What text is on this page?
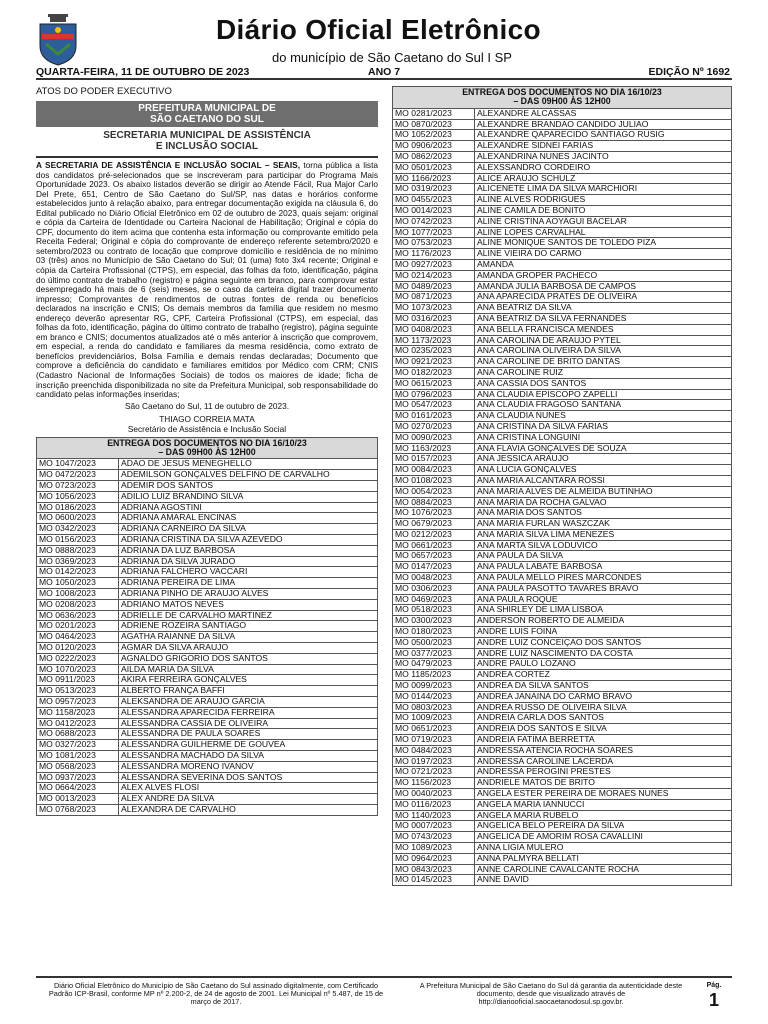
Diário Oficial Eletrônico
do município de São Caetano do Sul I SP
QUARTA-FEIRA, 11 DE OUTUBRO DE 2023	ANO 7	EDIÇÃO Nº 1692
ATOS DO PODER EXECUTIVO
PREFEITURA MUNICIPAL DE
SÃO CAETANO DO SUL
SECRETARIA MUNICIPAL DE ASSISTÊNCIA
E INCLUSÃO SOCIAL
A SECRETARIA DE ASSISTÊNCIA E INCLUSÃO SOCIAL – SEAIS, torna pública a lista dos candidatos pré-selecionados que se inscreveram para participar do Programa Mais Oportunidade 2023. Os abaixo listados deverão se dirigir ao Atende Fácil, Rua Major Carlo Del Prete, 651, Centro de São Caetano do Sul/SP, nas datas e horários conforme estabelecidos junto à relação abaixo, para entregar documentação exigida na cláusula 6, do Edital publicado no Diário Oficial Eletrônico em 02 de outubro de 2023, quais sejam: original e cópia da Carteira de Identidade ou Carteira Nacional de Habilitação; Original e cópia do CPF, documento do item acima que contenha esta informação ou comprovante emitido pela Receita Federal; Original e cópia do comprovante de endereço referente setembro/2020 e setembro/2023 ou contrato de locação que comprove domicílio e residência de no mínimo 03 (três) anos no Município de São Caetano do Sul; 01 (uma) foto 3x4 recente; Original e cópia da Carteira Profissional (CTPS), em especial, das folhas da foto, identificação, página do último contrato de trabalho (registro) e página seguinte em branco, para comprovar estar desempregado há mais de 6 (seis) meses, se o caso da carteira digital trazer documento impresso; Comprovantes de rendimentos de outras fontes de renda ou benefícios declarados na inscrição e CNIS; Os demais membros da família que residem no mesmo endereço deverão apresentar RG, CPF, Carteira Profissional (CTPS), em especial, das folhas da foto, identificação, página do último contrato de trabalho (registro), página seguinte em branco e CNIS; documentos atualizados até o mês anterior à inscrição que comprovem, em especial, a renda do candidato e familiares da mesma residência, como extrato de benefícios previdenciários, Bolsa Família e demais rendas declaradas; Documento que comprove a deficiência do candidato e familiares emitidos por Médico com CRM; CNIS (Cadastro Nacional de Informações Sociais) de todos os maiores de idade; ficha de inscrição preenchida disponibilizada no site da Prefeitura Municipal, sob responsabilidade do candidato pelas informações inseridas;
São Caetano do Sul, 11 de outubro de 2023.
THIAGO CORREIA MATA
Secretário de Assistência e Inclusão Social
ENTREGA DOS DOCUMENTOS NO DIA 16/10/23
– DAS 09H00 ÀS 12H00	

MO 1047/2023	ADAO DE JESUS MENEGHELLO
MO 0472/2023	ADEMILSON GONÇALVES DELFINO DE CARVALHO
MO 0723/2023	ADEMIR DOS SANTOS
MO 1056/2023	ADILIO LUIZ BRANDINO SILVA
MO 0186/2023	ADRIANA AGOSTINI
MO 0600/2023	ADRIANA AMARAL ENCINAS
MO 0342/2023	ADRIANA CARNEIRO DA SILVA
MO 0156/2023	ADRIANA CRISTINA DA SILVA AZEVEDO
MO 0888/2023	ADRIANA DA LUZ BARBOSA
MO 0369/2023	ADRIANA DA SILVA JURADO
MO 0142/2023	ADRIANA FALCHERO VACCARI
MO 1050/2023	ADRIANA PEREIRA DE LIMA
MO 1008/2023	ADRIANA PINHO DE ARAUJO ALVES
MO 0208/2023	ADRIANO MATOS NEVES
MO 0636/2023	ADRIELLE DE CARVALHO MARTINEZ
MO 0201/2023	ADRIENE ROZEIRA SANTIAGO
MO 0464/2023	AGATHA RAIANNE DA SILVA
MO 0120/2023	AGMAR DA SILVA ARAUJO
MO 0222/2023	AGNALDO GRIGORIO DOS SANTOS
MO 1070/2023	AILDA MARIA DA SILVA
MO 0911/2023	AKIRA FERREIRA GONÇALVES
MO 0513/2023	ALBERTO FRANÇA BAFFI
MO 0957/2023	ALEKSANDRA DE ARAUJO GARCIA
MO 1158/2023	ALESSANDRA APARECIDA FERREIRA
MO 0412/2023	ALESSANDRA CASSIA DE OLIVEIRA
MO 0688/2023	ALESSANDRA DE PAULA SOARES
MO 0327/2023	ALESSANDRA GUILHERME DE GOUVEA
MO 1081/2023	ALESSANDRA MACHADO DA SILVA
MO 0568/2023	ALESSANDRA MORENO IVANOV
MO 0937/2023	ALESSANDRA SEVERINA DOS SANTOS
MO 0664/2023	ALEX ALVES FLOSI
MO 0013/2023	ALEX ANDRE DA SILVA
MO 0768/2023	ALEXANDRA DE CARVALHO
ENTREGA DOS DOCUMENTOS NO DIA 16/10/23
– DAS 09H00 ÀS 12H00	

MO 0281/2023	ALEXANDRE ALCASSAS
MO 0870/2023	ALEXANDRE BRANDAO CANDIDO JULIAO
MO 1052/2023	ALEXANDRE QAPARECIDO SANTIAGO RUSIG
MO 0906/2023	ALEXANDRE SIDNEI FARIAS
MO 0862/2023	ALEXANDRINA NUNES JACINTO
MO 0501/2023	ALEXSSANDRO CORDEIRO
MO 1166/2023	ALICE ARAUJO SCHULZ
MO 0319/2023	ALICENETE LIMA DA SILVA MARCHIORI
MO 0455/2023	ALINE ALVES RODRIGUES
MO 0014/2023	ALINE CAMILA DE BONITO
MO 0742/2023	ALINE CRISTINA AOYAGUI BACELAR
MO 1077/2023	ALINE LOPES CARVALHAL
MO 0753/2023	ALINE MONIQUE SANTOS DE TOLEDO PIZA
MO 1176/2023	ALINE VIEIRA DO CARMO
MO 0927/2023	AMANDA
MO 0214/2023	AMANDA GROPER PACHECO
MO 0489/2023	AMANDA JULIA BARBOSA DE CAMPOS
MO 0871/2023	ANA APARECIDA PRATES DE OLIVEIRA
MO 1073/2023	ANA BEATRIZ DA SILVA
MO 0316/2023	ANA BEATRIZ DA SILVA FERNANDES
MO 0408/2023	ANA BELLA FRANCISCA MENDES
MO 1173/2023	ANA CAROLINA DE ARAUJO PYTEL
MO 0235/2023	ANA CAROLINA OLIVEIRA DA SILVA
MO 0921/2023	ANA CAROLINE DE BRITO DANTAS
MO 0182/2023	ANA CAROLINE RUIZ
MO 0615/2023	ANA CASSIA DOS SANTOS
MO 0796/2023	ANA CLAUDIA EPISCOPO ZAPELLI
MO 0547/2023	ANA CLAUDIA FRAGOSO SANTANA
MO 0161/2023	ANA CLAUDIA NUNES
MO 0270/2023	ANA CRISTINA DA SILVA FARIAS
MO 0090/2023	ANA CRISTINA LONGUINI
MO 1163/2023	ANA FLAVIA GONÇALVES DE SOUZA
MO 0157/2023	ANA JESSICA ARAUJO
MO 0084/2023	ANA LUCIA GONÇALVES
MO 0108/2023	ANA MARIA ALCANTARA ROSSI
MO 0054/2023	ANA MARIA ALVES DE ALMEIDA BUTINHAO
MO 0884/2023	ANA MARIA DA ROCHA GALVAO
MO 1076/2023	ANA MARIA DOS SANTOS
MO 0679/2023	ANA MARIA FURLAN WASZCZAK
MO 0212/2023	ANA MARIA SILVA LIMA MENEZES
MO 0661/2023	ANA MARTA SILVA LODUVICO
MO 0657/2023	ANA PAULA DA SILVA
MO 0147/2023	ANA PAULA LABATE BARBOSA
MO 0048/2023	ANA PAULA MELLO PIRES MARCONDES
MO 0306/2023	ANA PAULA PASOTTO TAVARES BRAVO
MO 0469/2023	ANA PAULA ROQUE
MO 0518/2023	ANA SHIRLEY DE LIMA LISBOA
MO 0300/2023	ANDERSON ROBERTO DE ALMEIDA
MO 0180/2023	ANDRE LUIS FOINA
MO 0500/2023	ANDRE LUIZ CONCEIÇAO DOS SANTOS
MO 0377/2023	ANDRE LUIZ NASCIMENTO DA COSTA
MO 0479/2023	ANDRE PAULO LOZANO
MO 1185/2023	ANDREA CORTEZ
MO 0099/2023	ANDREA DA SILVA SANTOS
MO 0144/2023	ANDREA JANAINA DO CARMO BRAVO
MO 0803/2023	ANDREA RUSSO DE OLIVEIRA SILVA
MO 1009/2023	ANDREIA CARLA DOS SANTOS
MO 0651/2023	ANDREIA DOS SANTOS E SILVA
MO 0719/2023	ANDREIA FATIMA BERRETTA
MO 0484/2023	ANDRESSA ATENCIA ROCHA SOARES
MO 0197/2023	ANDRESSA CAROLINE LACERDA
MO 0721/2023	ANDRESSA PEROGINI PRESTES
MO 1156/2023	ANDRIELE MATOS DE BRITO
MO 0040/2023	ANGELA ESTER PEREIRA DE MORAES NUNES
MO 0116/2023	ANGELA MARIA IANNUCCI
MO 1140/2023	ANGELA MARIA RUBELO
MO 0007/2023	ANGELICA BELO PEREIRA DA SILVA
MO 0743/2023	ANGELICA DE AMORIM ROSA CAVALLINI
MO 1089/2023	ANNA LIGIA MULERO
MO 0964/2023	ANNA PALMYRA BELLATI
MO 0843/2023	ANNE CAROLINE CAVALCANTE ROCHA
MO 0145/2023	ANNE DAVID
Diário Oficial Eletrônico do Município de São Caetano do Sul assinado digitalmente, com Certificado Padrão ICP-Brasil, conforme MP nº 2.200-2, de 24 de agosto de 2001. Lei Municipal nº 5.487, de 15 de março de 2017.
A Prefeitura Municipal de São Caetano do Sul dá garantia da autenticidade deste documento, desde que visualizado através de http://diariooficial.saocaetanodosul.sp.gov.br.
Pág.
1
